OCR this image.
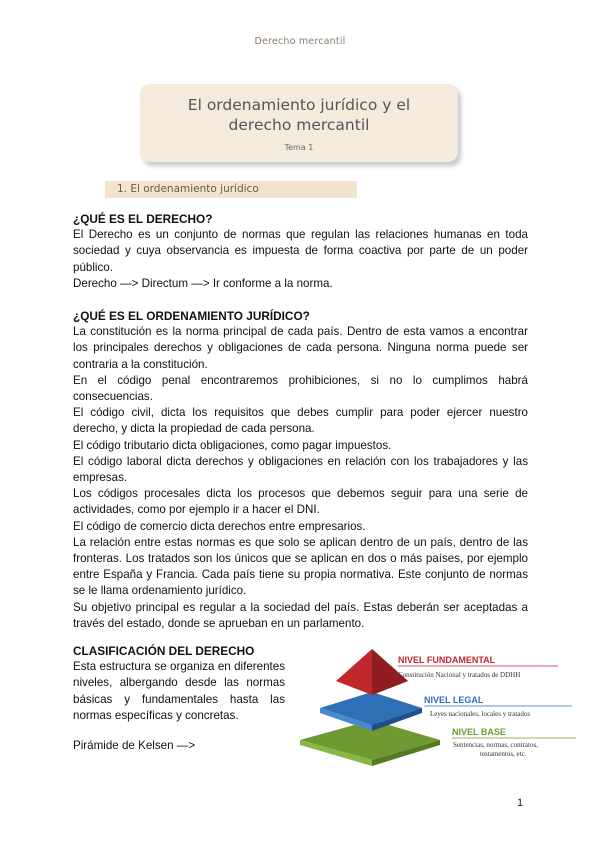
Derecho mercantil
El ordenamiento jurídico y el
derecho mercantil
Tema 1
1. El ordenamiento jurídico
¿QUÉ ES EL DERECHO?

El Derecho es un conjunto de normas que regulan las relaciones humanas en toda sociedad y cuya observancia es impuesta de forma coactiva por parte de un poder público.

Derecho —> Directum —> Ir conforme a la norma.

¿QUÉ ES EL ORDENAMIENTO JURÍDICO?

La constitución es la norma principal de cada país. Dentro de esta vamos a encontrar los principales derechos y obligaciones de cada persona. Ninguna norma puede ser contraria a la constitución.

En el código penal encontraremos prohibiciones, si no lo cumplimos habrá consecuencias.

El código civil, dicta los requisitos que debes cumplir para poder ejercer nuestro derecho, y dicta la propiedad de cada persona.

El código tributario dicta obligaciones, como pagar impuestos.

El código laboral dicta derechos y obligaciones en relación con los trabajadores y las empresas.

Los códigos procesales dicta los procesos que debemos seguir para una serie de actividades, como por ejemplo ir a hacer el DNI.

El código de comercio dicta derechos entre empresarios.

La relación entre estas normas es que solo se aplican dentro de un país, dentro de las fronteras. Los tratados son los únicos que se aplican en dos o más países, por ejemplo entre España y Francia. Cada país tiene su propia normativa. Este conjunto de normas se le llama ordenamiento jurídico.

Su objetivo principal es regular a la sociedad del país. Estas deberán ser aceptadas a través del estado, donde se aprueban en un parlamento.

CLASIFICACIÓN DEL DERECHO

Esta estructura se organiza en diferentes niveles, albergando desde las normas básicas y fundamentales hasta las normas específicas y concretas.

Pirámide de Kelsen —>

NIVEL FUNDAMENTAL
Constitución Nacional y tratados de DDHH
NIVEL LEGAL
Leyes nacionales, locales y tratados
NIVEL BASE
Sentencias, normas, contratos,
testamentos, etc.
1
